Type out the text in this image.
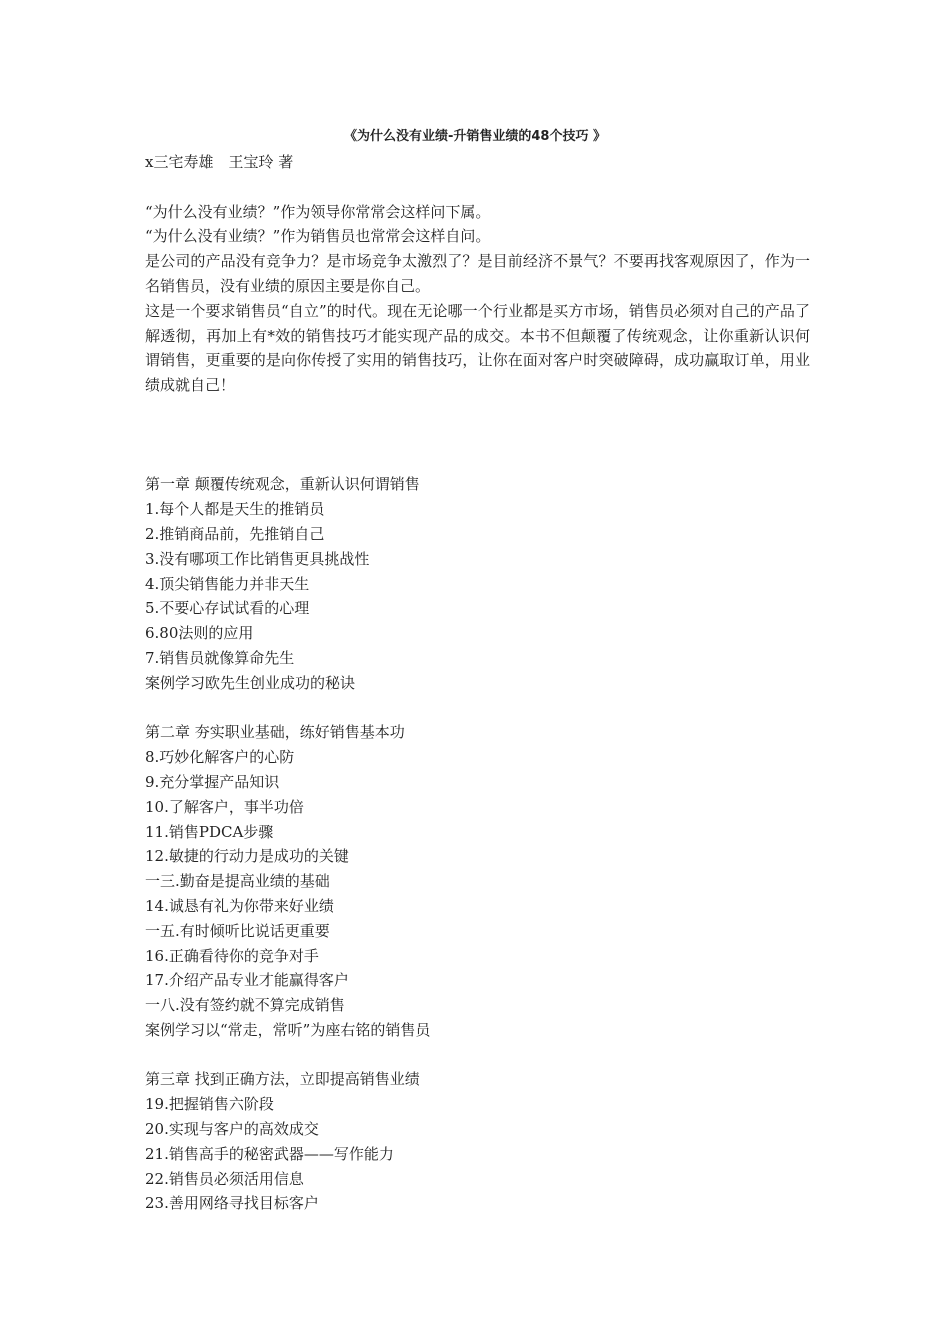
《为什么没有业绩-升销售业绩的48个技巧 》

x三宅寿雄　王宝玲 著

“为什么没有业绩？”作为领导你常常会这样问下属。

“为什么没有业绩？”作为销售员也常常会这样自问。

是公司的产品没有竞争力？是市场竞争太激烈了？是目前经济不景气？不要再找客观原因了，作为一名销售员，没有业绩的原因主要是你自己。

这是一个要求销售员“自立”的时代。现在无论哪一个行业都是买方市场，销售员必须对自己的产品了解透彻，再加上有*效的销售技巧才能实现产品的成交。本书不但颠覆了传统观念，让你重新认识何谓销售，更重要的是向你传授了实用的销售技巧，让你在面对客户时突破障碍，成功赢取订单，用业绩成就自己！

第一章 颠覆传统观念，重新认识何谓销售

1.每个人都是天生的推销员

2.推销商品前，先推销自己

3.没有哪项工作比销售更具挑战性

4.顶尖销售能力并非天生

5.不要心存试试看的心理

6.80法则的应用

7.销售员就像算命先生

案例学习欧先生创业成功的秘诀

第二章 夯实职业基础，练好销售基本功

8.巧妙化解客户的心防

9.充分掌握产品知识

10.了解客户，事半功倍

11.销售PDCA步骤

12.敏捷的行动力是成功的关键

一三.勤奋是提高业绩的基础

14.诚恳有礼为你带来好业绩

一五.有时倾听比说话更重要

16.正确看待你的竞争对手

17.介绍产品专业才能赢得客户

一八.没有签约就不算完成销售

案例学习以“常走，常听”为座右铭的销售员

第三章 找到正确方法，立即提高销售业绩

19.把握销售六阶段

20.实现与客户的高效成交

21.销售高手的秘密武器——写作能力

22.销售员必须活用信息

23.善用网络寻找目标客户
